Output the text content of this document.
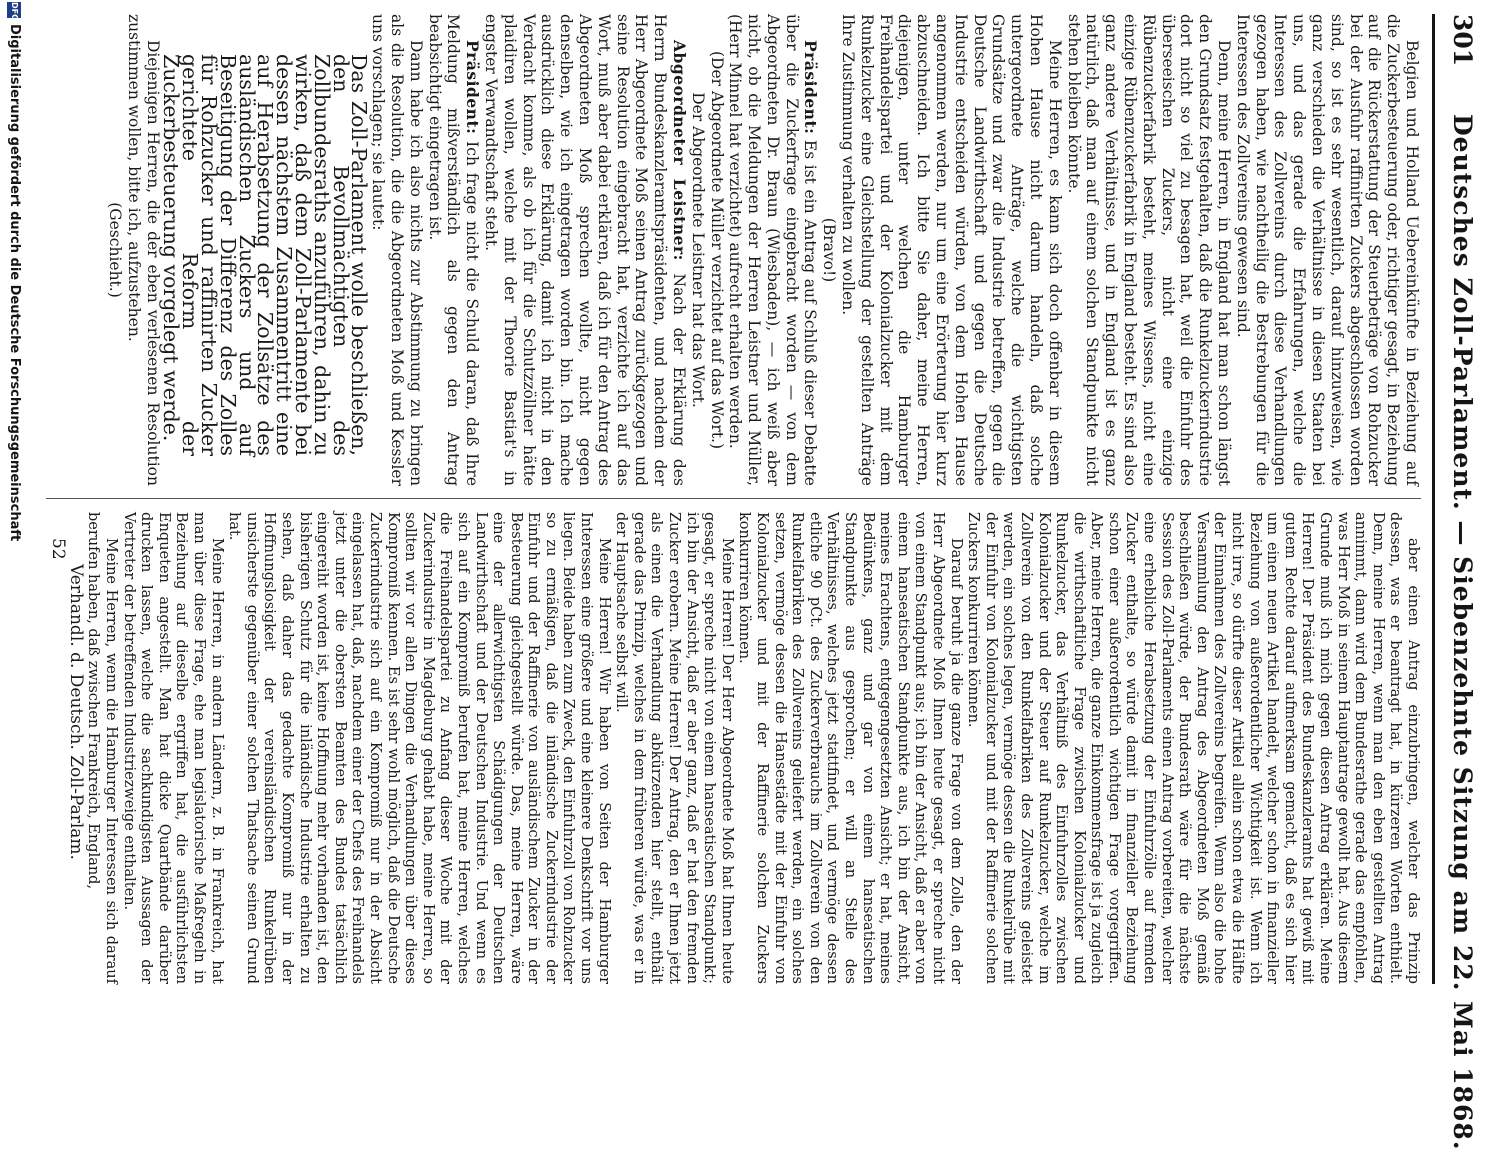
301
Deutsches Zoll-Parlament. — Siebenzehnte Sitzung am 22. Mai 1868.

Belgien und Holland Uebereinkünfte in Beziehung auf die Zuckerbesteuerung oder, richtiger gesagt, in Beziehung auf die Rückerstattung der Steuerbeträge von Rohzucker bei der Ausfuhr raffinirten Zuckers abgeschlossen worden sind, so ist es sehr wesentlich, darauf hinzuweisen, wie ganz verschieden die Verhältnisse in diesen Staaten bei uns, und das gerade die Erfahrungen, welche die Interessen des Zollvereins durch diese Verhandlungen gezogen haben, wie nachtheilig die Bestrebungen für die Interessen des Zollvereins gewesen sind.

Denn, meine Herren, in England hat man schon längst den Grundsatz festgehalten, daß die Runkelzuckerindustrie dort nicht so viel zu besagen hat, weil die Einfuhr des überseeischen Zuckers, nicht eine einzige Rübenzuckerfabrik besteht, meines Wissens, nicht eine einzige Rübenzuckerfabrik in England besteht. Es sind also ganz andere Verhältnisse, und in England ist es ganz natürlich, daß man auf einem solchen Standpunkte nicht stehen bleiben könnte.

Meine Herren, es kann sich doch offenbar in diesem Hohen Hause nicht darum handeln, daß solche untergeordnete Anträge, welche die wichtigsten Grundsätze und zwar die Industrie betreffen, gegen die Deutsche Landwirthschaft und gegen die Deutsche Industrie entscheiden würden, von dem Hohen Hause angenommen werden, nur um eine Erörterung hier kurz abzuschneiden. Ich bitte Sie daher, meine Herren, diejenigen, unter welchen die Hamburger Freihandelspartei und der Kolonialzucker mit dem Runkelzucker eine Gleichstellung der gestellten Anträge Ihre Zustimmung verhalten zu wollen.

(Bravo!)

Präsident: Es ist ein Antrag auf Schluß dieser Debatte über die Zuckerfrage eingebracht worden — von dem Abgeordneten Dr. Braun (Wiesbaden), — ich weiß aber nicht, ob die Meldungen der Herren Leistner und Müller, (Herr Minnel hat verzichtet) aufrecht erhalten werden.

(Der Abgeordnete Müller verzichtet auf das Wort.)

Der Abgeordnete Leistner hat das Wort.

Abgeordneter Leistner: Nach der Erklärung des Herrn Bundeskanzleramtspräsidenten, und nachdem der Herr Abgeordnete Moß seinen Antrag zurückgezogen und seine Resolution eingebracht hat, verzichte ich auf das Wort, muß aber dabei erklären, daß ich für den Antrag des Abgeordneten Moß sprechen wollte, nicht gegen denselben, wie ich eingetragen worden bin. Ich mache ausdrücklich diese Erklärung, damit ich nicht in den Verdacht komme, als ob ich für die Schutzzöllner hätte plaidiren wollen, welche mit der Theorie Bastiat's in engster Verwandtschaft steht.

Präsident: Ich frage nicht die Schuld daran, daß Ihre Meldung mißverständlich als gegen den Antrag beabsichtigt eingetragen ist.

Dann habe ich also nichts zur Abstimmung zu bringen als die Resolution, die die Abgeordneten Moß und Kessler uns vorschlagen; sie lautet:

Das Zoll-Parlament wolle beschließen, den Bevollmächtigten des Zollbundesraths anzuführen, dahin zu wirken, daß dem Zoll-Parlamente bei dessen nächstem Zusammentritt eine auf Herabsetzung der Zollsätze des ausländischen Zuckers und auf Beseitigung der Differenz des Zolles für Rohzucker und raffinirten Zucker gerichtete Reform der Zuckerbesteuerung vorgelegt werde.

Diejenigen Herren, die der eben verlesenen Resolution zustimmen wollen, bitte ich, aufzustehen.

(Geschieht.)

aber einen Antrag einzubringen, welcher das Prinzip dessen, was er beantragt hat, in kürzeren Worten enthielt. Denn, meine Herren, wenn man den eben gestellten Antrag annimmt, dann wird dem Bundesrathe gerade das empfohlen, was Herr Moß in seinem Hauptantrage gewollt hat. Aus diesem Grunde muß ich mich gegen diesen Antrag erklären. Meine Herren! Der Präsident des Bundeskanzleramts hat gewiß mit gutem Rechte darauf aufmerksam gemacht, daß es sich hier um einen neuen Artikel handelt, welcher schon in finanzieller Beziehung von außerordentlicher Wichtigkeit ist. Wenn ich nicht irre, so dürfte dieser Artikel allein schon etwa die Hälfte der Einnahmen des Zollvereins begreifen. Wenn also die hohe Versammlung den Antrag des Abgeordneten Moß gemäß beschließen würde, der Bundesrath wäre für die nächste Session des Zoll-Parlaments einen Antrag vorbereiten, welcher eine erhebliche Herabsetzung der Einfuhrzölle auf fremden Zucker enthalte, so würde damit in finanzieller Beziehung schon einer außerordentlich wichtigen Frage vorgegriffen. Aber, meine Herren, die ganze Einkommensfrage ist ja zugleich die wirthschaftliche Frage zwischen Kolonialzucker und Runkelzucker, das Verhältniß des Einfuhrzolles zwischen Kolonialzucker und der Steuer auf Runkelzucker, welche im Zollverein von den Runkelfabriken des Zollvereins geleistet werden, ein solches legen, vermöge dessen die Runkelrübe mit der Einfuhr von Kolonialzucker und mit der Raffinerie solchen Zuckers konkurriren können.

Darauf beruht ja die ganze Frage von dem Zolle, den der Herr Abgeordnete Moß Ihnen heute gesagt, er spreche nicht von einem Standpunkt aus; ich bin der Ansicht, daß er aber von einem hanseatischen Standpunkte aus, ich bin der Ansicht, meines Erachtens, entgegengesetzten Ansicht; er hat, meines Bedünkens, ganz und gar von einem hanseatischen Standpunkte aus gesprochen; er will an Stelle des Verhältnisses, welches jetzt stattfindet, und vermöge dessen etliche 90 pCt. des Zuckerverbrauchs im Zollverein von den Runkelfabriken des Zollvereins geliefert werden, ein solches setzen, vermöge dessen die Hansestädte mit der Einfuhr von Kolonialzucker und mit der Raffinerie solchen Zuckers konkurriren können.

Meine Herren! Der Herr Abgeordnete Moß hat Ihnen heute gesagt, er spreche nicht von einem hanseatischen Standpunkt; ich bin der Ansicht, daß er aber ganz, daß er hat den fremden Zucker erobern. Meine Herren! Der Antrag, den er Ihnen jetzt als einen die Verhandlung abkürzenden hier stellt, enthält gerade das Prinzip, welches in dem früheren würde, was er in der Hauptsache selbst will.

Meine Herren! Wir haben von Seiten der Hamburger Interessen eine größere und eine kleinere Denkschrift vor uns liegen. Beide haben zum Zweck, den Einfuhrzoll von Rohzucker so zu ermäßigen, daß die inländische Zuckerindustrie der Einfuhr und der Raffinerie von ausländischem Zucker in der Besteuerung gleichgestellt würde. Das, meine Herren, wäre eine der allerwichtigsten Schädigungen der Deutschen Landwirthschaft und der Deutschen Industrie. Und wenn es sich auf ein Kompromiß berufen hat, meine Herren, welches die Freihandelspartei zu Anfang dieser Woche mit der Zuckerindustrie in Magdeburg gehabt habe, meine Herren, so sollten wir vor allen Dingen die Verhandlungen über dieses Kompromiß kennen. Es ist sehr wohl möglich, daß die Deutsche Zuckerindustrie sich auf ein Kompromiß nur in der Absicht eingelassen hat, daß, nachdem einer der Chefs des Freihandels jetzt unter die obersten Beamten des Bundes tatsächlich eingereiht worden ist, keine Hoffnung mehr vorhanden ist, den bisherigen Schutz für die inländische Industrie erhalten zu sehen, daß daher das gedachte Kompromiß nur in der Hoffnungslosigkeit der vereinsländischen Runkelrüben unsicherste gegenüber einer solchen Thatsache seinen Grund hat.

Meine Herren, in andern Ländern, z. B. in Frankreich, hat man über diese Frage, ehe man legislatorische Maßregeln in Beziehung auf dieselbe ergriffen hat, die ausführlichsten Enqueten angestellt. Man hat dicke Quartbände darüber drucken lassen, welche die sachkundigsten Aussagen der Vertreter der betreffenden Industriezweige enthalten.

Meine Herren, wenn die Hamburger Interessen sich darauf berufen haben, daß zwischen Frankreich, England,

Verhandl. d. Deutsch. Zoll-Parlam.52

DFG
Digitalisierung gefördert durch die Deutsche Forschungsgemeinschaft
